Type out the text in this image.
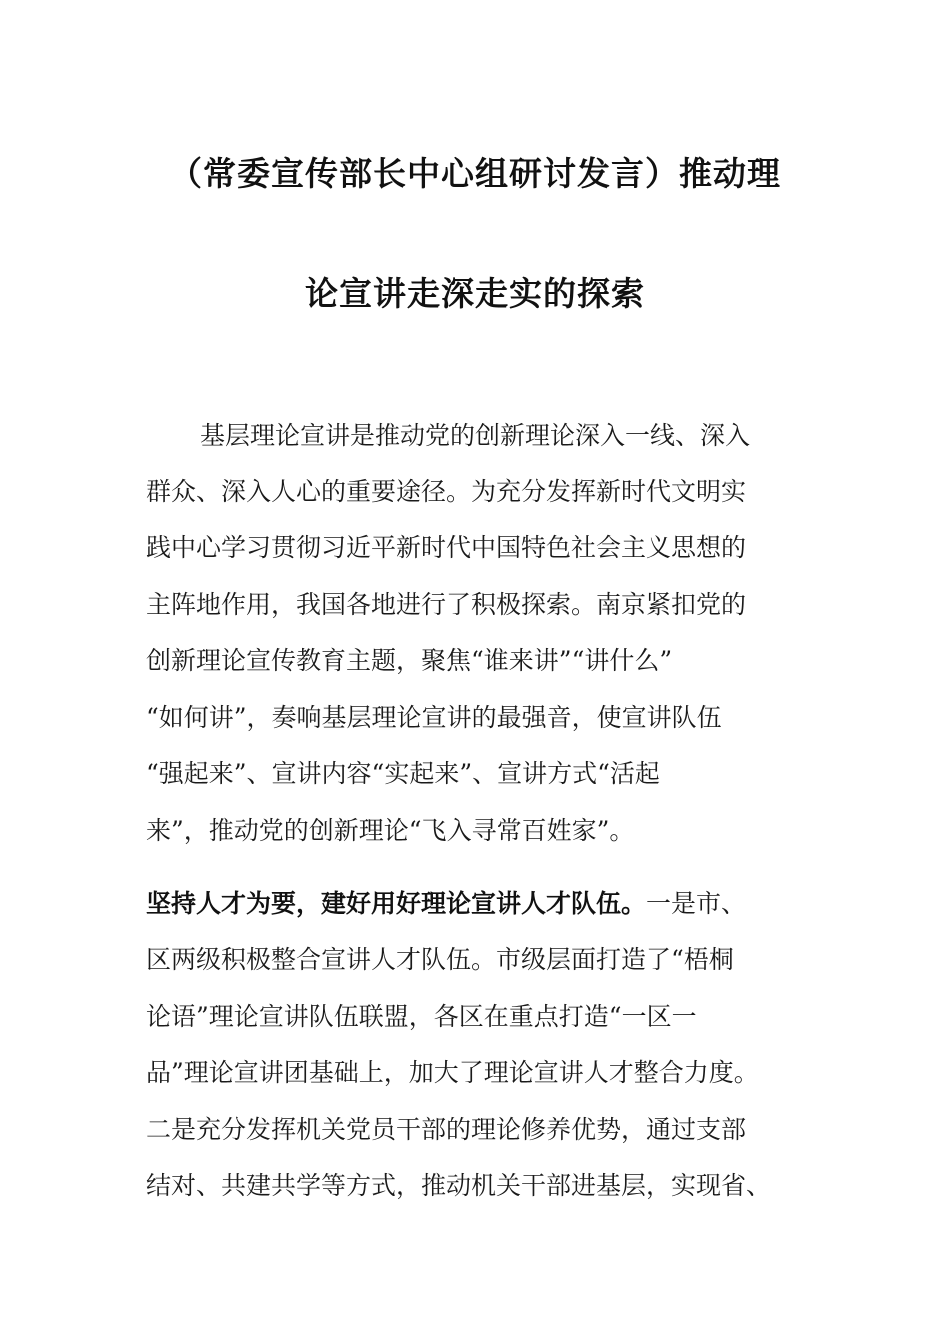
（常委宣传部长中心组研讨发言）推动理
论宣讲走深走实的探索
基层理论宣讲是推动党的创新理论深入一线、深入
群众、深入人心的重要途径。为充分发挥新时代文明实
践中心学习贯彻习近平新时代中国特色社会主义思想的
主阵地作用，我国各地进行了积极探索。南京紧扣党的
创新理论宣传教育主题，聚焦“谁来讲”“讲什么”
“如何讲”，奏响基层理论宣讲的最强音，使宣讲队伍
“强起来”、宣讲内容“实起来”、宣讲方式“活起
来”，推动党的创新理论“飞入寻常百姓家”。
坚持人才为要，建好用好理论宣讲人才队伍。一是市、
区两级积极整合宣讲人才队伍。市级层面打造了“梧桐
论语”理论宣讲队伍联盟，各区在重点打造“一区一
品”理论宣讲团基础上，加大了理论宣讲人才整合力度。
二是充分发挥机关党员干部的理论修养优势，通过支部
结对、共建共学等方式，推动机关干部进基层，实现省、
